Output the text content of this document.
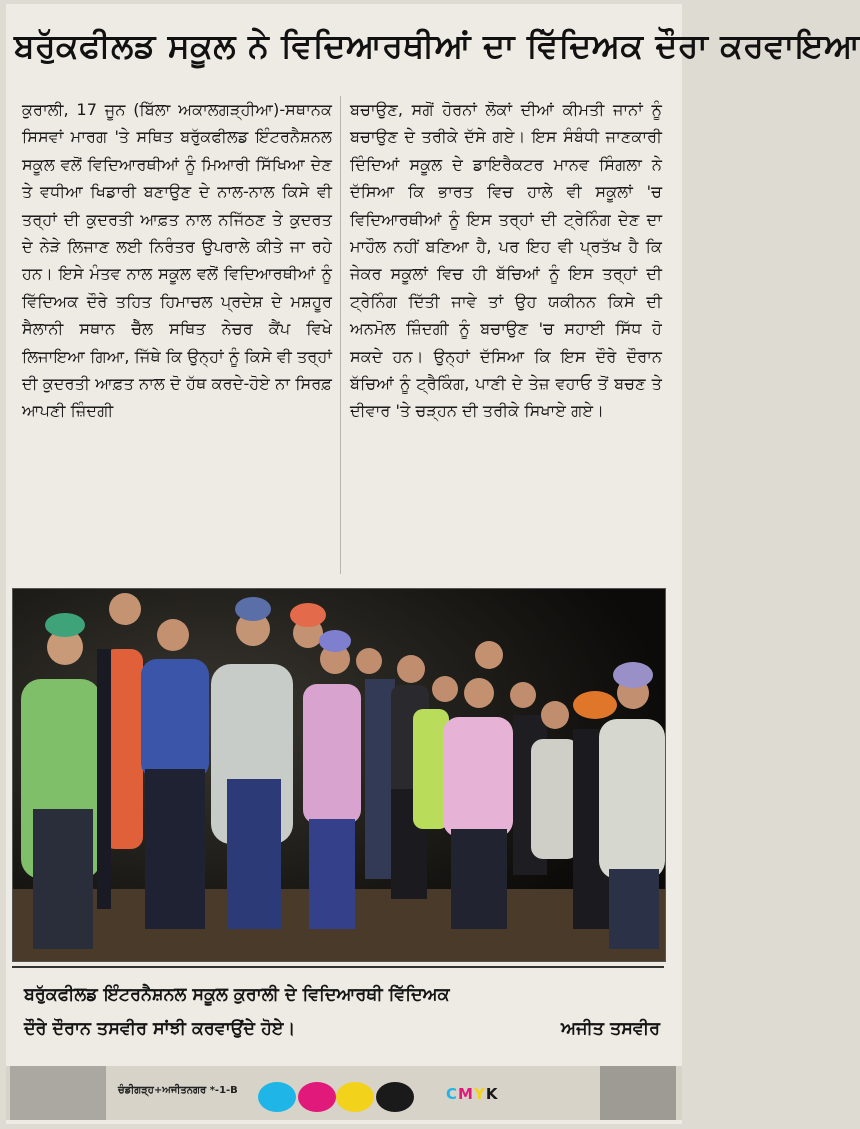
ਬਰੁੱਕਫੀਲਡ ਸਕੂਲ ਨੇ ਵਿਦਿਆਰਥੀਆਂ ਦਾ ਵਿੱਦਿਅਕ ਦੌਰਾ ਕਰਵਾਇਆ
ਕੁਰਾਲੀ, 17 ਜੂਨ (ਬਿੱਲਾ ਅਕਾਲਗੜ੍ਹੀਆ)-ਸਥਾਨਕ ਸਿਸਵਾਂ ਮਾਰਗ 'ਤੇ ਸਥਿਤ ਬਰੁੱਕਫੀਲਡ ਇੰਟਰਨੈਸ਼ਨਲ ਸਕੂਲ ਵਲੋਂ ਵਿਦਿਆਰਥੀਆਂ ਨੂੰ ਮਿਆਰੀ ਸਿੱਖਿਆ ਦੇਣ ਤੇ ਵਧੀਆ ਖਿਡਾਰੀ ਬਣਾਉਣ ਦੇ ਨਾਲ-ਨਾਲ ਕਿਸੇ ਵੀ ਤਰ੍ਹਾਂ ਦੀ ਕੁਦਰਤੀ ਆਫ਼ਤ ਨਾਲ ਨਜਿੱਠਣ ਤੇ ਕੁਦਰਤ ਦੇ ਨੇੜੇ ਲਿਜਾਣ ਲਈ ਨਿਰੰਤਰ ਉਪਰਾਲੇ ਕੀਤੇ ਜਾ ਰਹੇ ਹਨ। ਇਸੇ ਮੰਤਵ ਨਾਲ ਸਕੂਲ ਵਲੋਂ ਵਿਦਿਆਰਥੀਆਂ ਨੂੰ ਵਿੱਦਿਅਕ ਦੌਰੇ ਤਹਿਤ ਹਿਮਾਚਲ ਪ੍ਰਦੇਸ਼ ਦੇ ਮਸ਼ਹੂਰ ਸੈਲਾਨੀ ਸਥਾਨ ਚੈੱਲ ਸਥਿਤ ਨੇਚਰ ਕੈਂਪ ਵਿਖੇ ਲਿਜਾਇਆ ਗਿਆ, ਜਿੱਥੇ ਕਿ ਉਨ੍ਹਾਂ ਨੂੰ ਕਿਸੇ ਵੀ ਤਰ੍ਹਾਂ ਦੀ ਕੁਦਰਤੀ ਆਫ਼ਤ ਨਾਲ ਦੋ ਹੱਥ ਕਰਦੇ-ਹੋਏ ਨਾ ਸਿਰਫ਼ ਆਪਣੀ ਜ਼ਿੰਦਗੀ
ਬਚਾਉਣ, ਸਗੋਂ ਹੋਰਨਾਂ ਲੋਕਾਂ ਦੀਆਂ ਕੀਮਤੀ ਜਾਨਾਂ ਨੂੰ ਬਚਾਉਣ ਦੇ ਤਰੀਕੇ ਦੱਸੇ ਗਏ। ਇਸ ਸੰਬੰਧੀ ਜਾਣਕਾਰੀ ਦਿੰਦਿਆਂ ਸਕੂਲ ਦੇ ਡਾਇਰੈਕਟਰ ਮਾਨਵ ਸਿੰਗਲਾ ਨੇ ਦੱਸਿਆ ਕਿ ਭਾਰਤ ਵਿਚ ਹਾਲੇ ਵੀ ਸਕੂਲਾਂ 'ਚ ਵਿਦਿਆਰਥੀਆਂ ਨੂੰ ਇਸ ਤਰ੍ਹਾਂ ਦੀ ਟ੍ਰੇਨਿੰਗ ਦੇਣ ਦਾ ਮਾਹੌਲ ਨਹੀਂ ਬਣਿਆ ਹੈ, ਪਰ ਇਹ ਵੀ ਪ੍ਰਤੱਖ ਹੈ ਕਿ ਜੇਕਰ ਸਕੂਲਾਂ ਵਿਚ ਹੀ ਬੱਚਿਆਂ ਨੂੰ ਇਸ ਤਰ੍ਹਾਂ ਦੀ ਟ੍ਰੇਨਿੰਗ ਦਿੱਤੀ ਜਾਵੇ ਤਾਂ ਉਹ ਯਕੀਨਨ ਕਿਸੇ ਦੀ ਅਨਮੋਲ ਜ਼ਿੰਦਗੀ ਨੂੰ ਬਚਾਉਣ 'ਚ ਸਹਾਈ ਸਿੱਧ ਹੋ ਸਕਦੇ ਹਨ। ਉਨ੍ਹਾਂ ਦੱਸਿਆ ਕਿ ਇਸ ਦੌਰੇ ਦੌਰਾਨ ਬੱਚਿਆਂ ਨੂੰ ਟ੍ਰੈਕਿੰਗ, ਪਾਣੀ ਦੇ ਤੇਜ਼ ਵਹਾਓ ਤੋਂ ਬਚਣ ਤੇ ਦੀਵਾਰ 'ਤੇ ਚੜ੍ਹਨ ਦੀ ਤਰੀਕੇ ਸਿਖਾਏ ਗਏ।
ਬਰੁੱਕਫੀਲਡ ਇੰਟਰਨੈਸ਼ਨਲ ਸਕੂਲ ਕੁਰਾਲੀ ਦੇ ਵਿਦਿਆਰਥੀ ਵਿੱਦਿਅਕ
ਦੌਰੇ ਦੌਰਾਨ ਤਸਵੀਰ ਸਾਂਝੀ ਕਰਵਾਉਂਦੇ ਹੋਏ।	ਅਜੀਤ ਤਸਵੀਰ
ਚੰਡੀਗੜ੍ਹ+ਅਜੀਤਨਗਰ *-1-B	CMYK
